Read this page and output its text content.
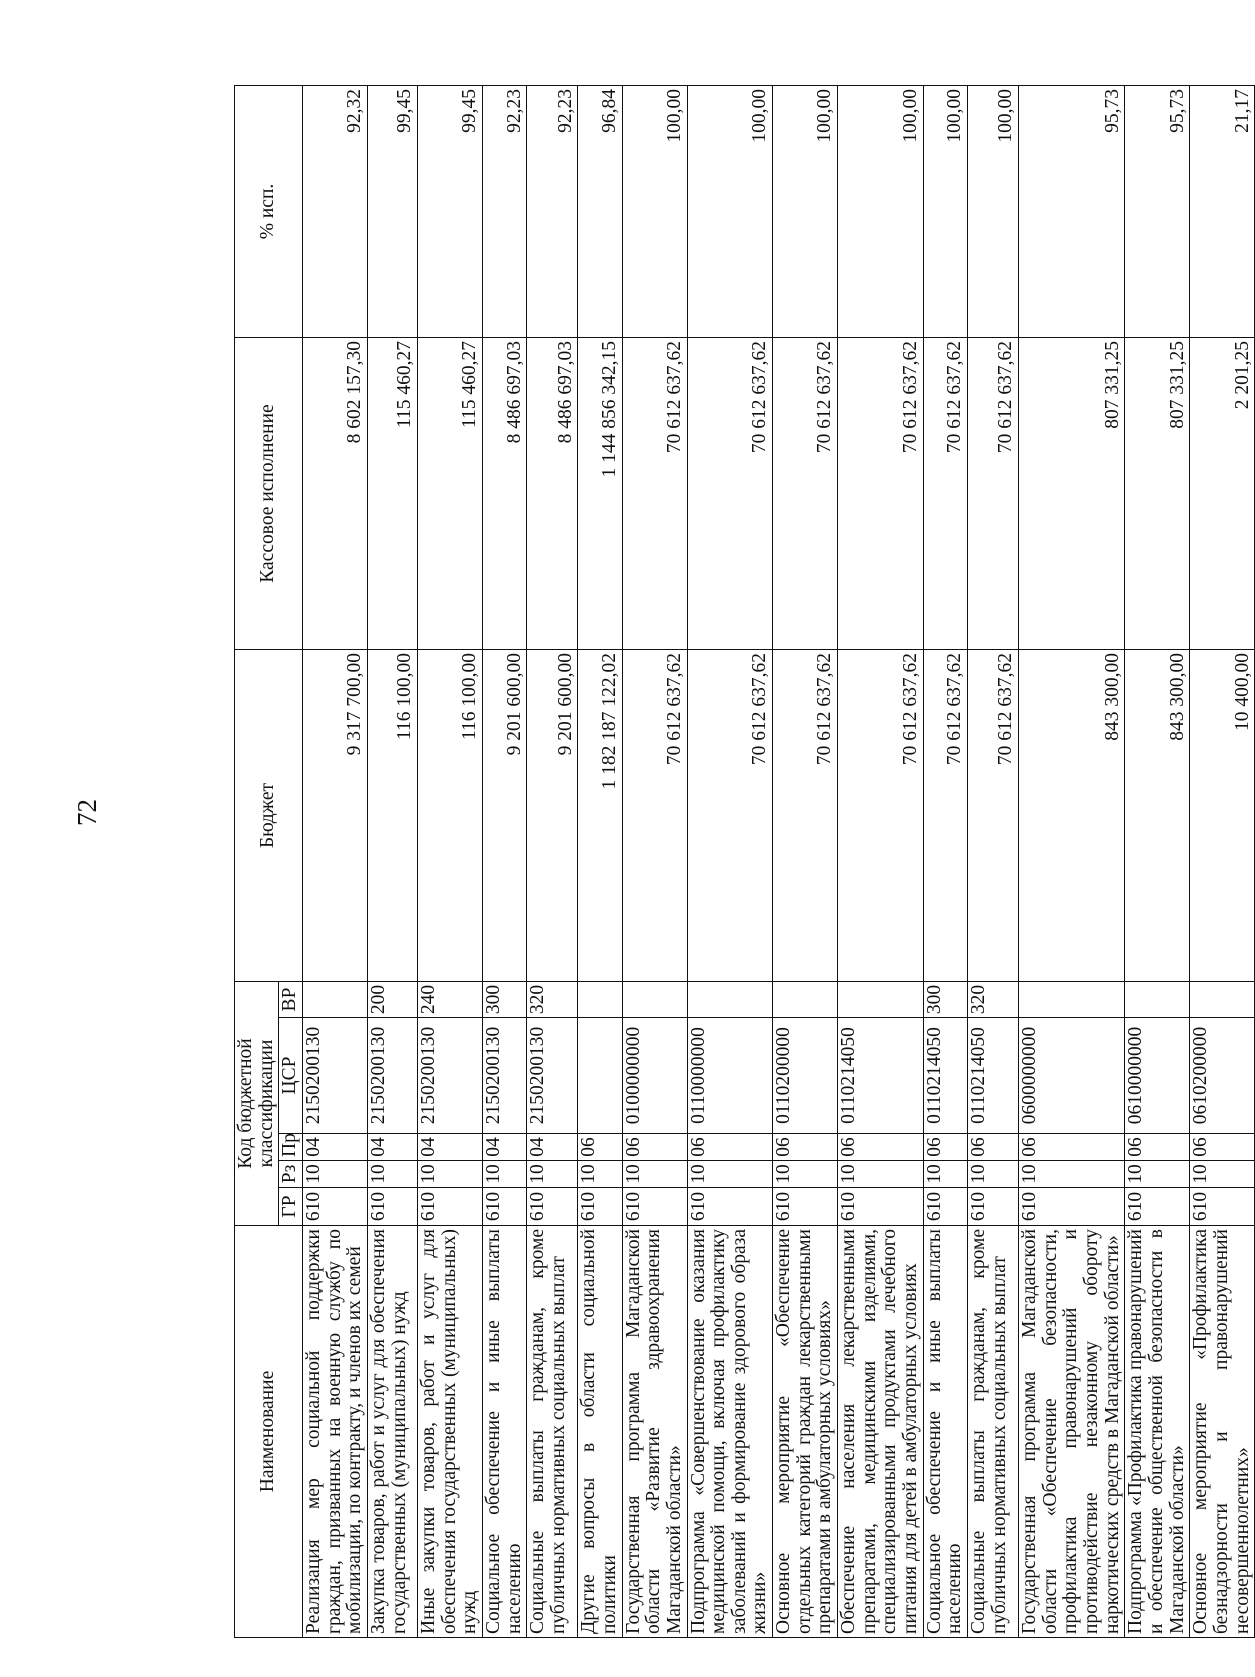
72
Наименование	Код бюджетной классификации					Бюджет	Кассовое исполнение	% исп.
	ГР	Рз	Пр	ЦСР	ВР			
Реализация мер социальной поддержки граждан, призванных на военную службу по мобилизации, по контракту, и членов их семей	610	10	04	2150200130		9 317 700,00	8 602 157,30	92,32
Закупка товаров, работ и услуг для обеспечения государственных (муниципальных) нужд	610	10	04	2150200130	200	116 100,00	115 460,27	99,45
Иные закупки товаров, работ и услуг для обеспечения государственных (муниципальных) нужд	610	10	04	2150200130	240	116 100,00	115 460,27	99,45
Социальное обеспечение и иные выплаты населению	610	10	04	2150200130	300	9 201 600,00	8 486 697,03	92,23
Социальные выплаты гражданам, кроме публичных нормативных социальных выплат	610	10	04	2150200130	320	9 201 600,00	8 486 697,03	92,23
Другие вопросы в области социальной политики	610	10	06			1 182 187 122,02	1 144 856 342,15	96,84
Государственная программа Магаданской области «Развитие здравоохранения Магаданской области»	610	10	06	0100000000		70 612 637,62	70 612 637,62	100,00
Подпрограмма «Совершенствование оказания медицинской помощи, включая профилактику заболеваний и формирование здорового образа жизни»	610	10	06	0110000000		70 612 637,62	70 612 637,62	100,00
Основное мероприятие «Обеспечение отдельных категорий граждан лекарственными препаратами в амбулаторных условиях»	610	10	06	0110200000		70 612 637,62	70 612 637,62	100,00
Обеспечение населения лекарственными препаратами, медицинскими изделиями, специализированными продуктами лечебного питания для детей в амбулаторных условиях	610	10	06	0110214050		70 612 637,62	70 612 637,62	100,00
Социальное обеспечение и иные выплаты населению	610	10	06	0110214050	300	70 612 637,62	70 612 637,62	100,00
Социальные выплаты гражданам, кроме публичных нормативных социальных выплат	610	10	06	0110214050	320	70 612 637,62	70 612 637,62	100,00
Государственная программа Магаданской области «Обеспечение безопасности, профилактика правонарушений и противодействие незаконному обороту наркотических средств в Магаданской области»	610	10	06	0600000000		843 300,00	807 331,25	95,73
Подпрограмма «Профилактика правонарушений и обеспечение общественной безопасности в Магаданской области»	610	10	06	0610000000		843 300,00	807 331,25	95,73
Основное мероприятие «Профилактика безнадзорности и правонарушений несовершеннолетних»	610	10	06	0610200000		10 400,00	2 201,25	21,17
